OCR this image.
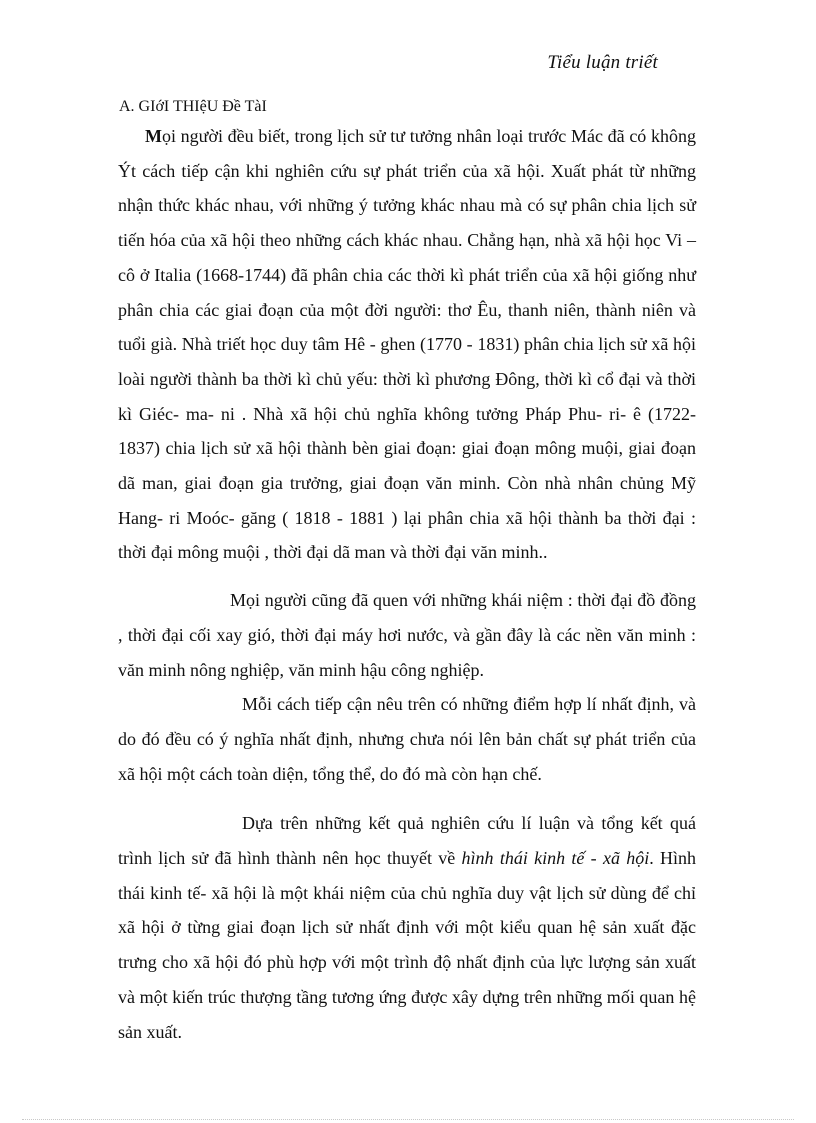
Tiểu luận triết
A. GIớI THIệU Đề TàI

Mọi người đều biết, trong lịch sử tư tưởng nhân loại trước Mác đã có không Ýt cách tiếp cận khi nghiên cứu sự phát triển của xã hội. Xuất phát từ những nhận thức khác nhau, với những ý tưởng khác nhau mà có sự phân chia lịch sử tiến hóa của xã hội theo những cách khác nhau. Chẳng hạn, nhà xã hội học Vi – cô ở Italia (1668-1744) đã phân chia các thời kì phát triển của xã hội giống như phân chia các giai đoạn của một đời người: thơ Êu, thanh niên, thành niên và tuổi già. Nhà triết học duy tâm Hê - ghen (1770 - 1831) phân chia lịch sử xã hội loài người thành ba thời kì chủ yếu: thời kì phương Đông, thời kì cổ đại và thời kì Giéc- ma- ni . Nhà xã hội chủ nghĩa không tưởng Pháp Phu- ri- ê (1722-1837) chia lịch sử xã hội thành bèn giai đoạn: giai đoạn mông muội, giai đoạn dã man, giai đoạn gia trưởng, giai đoạn văn minh. Còn nhà nhân chủng Mỹ Hang- ri Moóc- găng ( 1818 - 1881 ) lại phân chia xã hội thành ba thời đại : thời đại mông muội , thời đại dã man và thời đại văn minh..

Mọi người cũng đã quen với những khái niệm : thời đại đồ đồng , thời đại cối xay gió, thời đại máy hơi nước, và gần đây là các nền văn minh : văn minh nông nghiệp, văn minh hậu công nghiệp.

Mỗi cách tiếp cận nêu trên có những điểm hợp lí nhất định, và do đó đều có ý nghĩa nhất định, nhưng chưa nói lên bản chất sự phát triển của xã hội một cách toàn diện, tổng thể, do đó mà còn hạn chế.

Dựa trên những kết quả nghiên cứu lí luận và tổng kết quá trình lịch sử đã hình thành nên học thuyết về hình thái kinh tế - xã hội. Hình thái kinh tế- xã hội là một khái niệm của chủ nghĩa duy vật lịch sử dùng để chỉ xã hội ở từng giai đoạn lịch sử nhất định với một kiểu quan hệ sản xuất đặc trưng cho xã hội đó phù hợp với một trình độ nhất định của lực lượng sản xuất và một kiến trúc thượng tầng tương ứng được xây dựng trên những mối quan hệ sản xuất.
